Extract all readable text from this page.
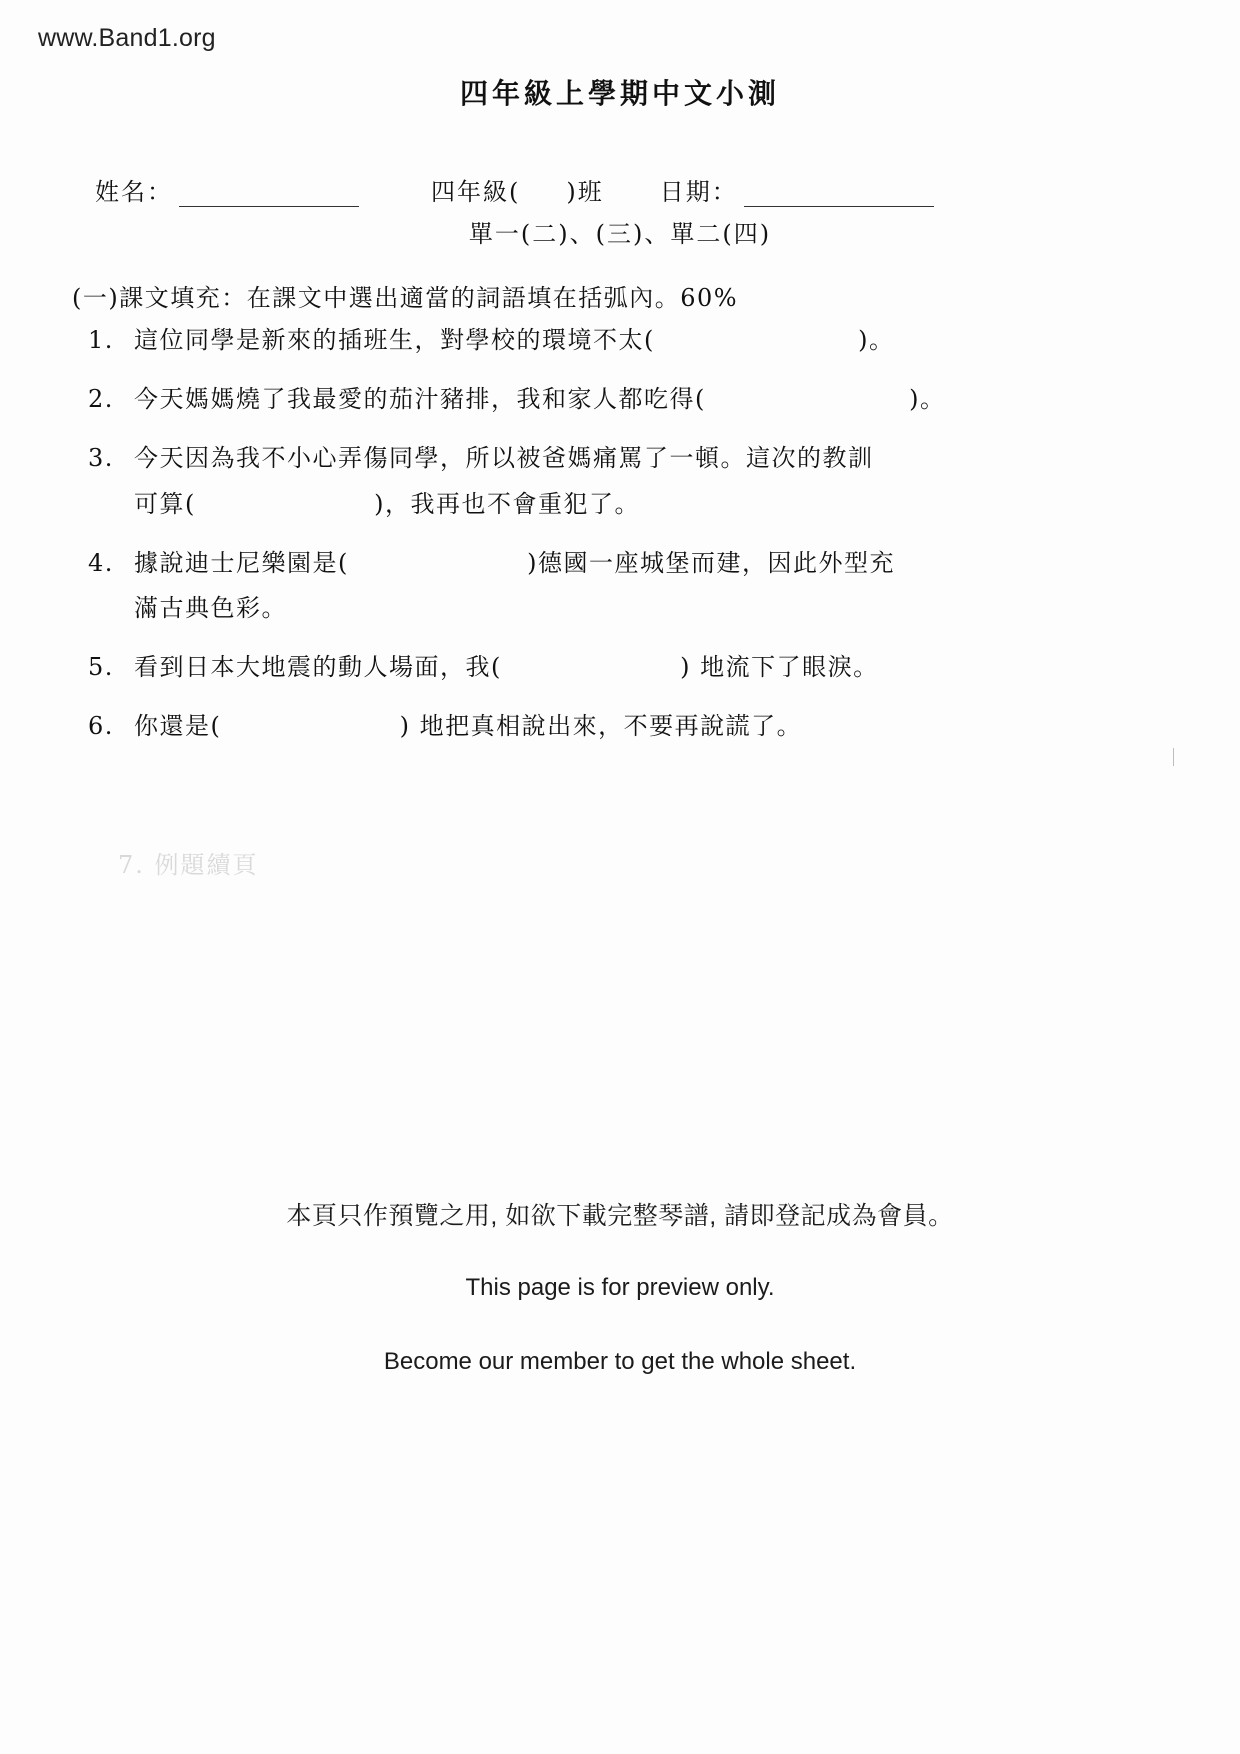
www.Band1.org
四年級上學期中文小測
姓名：	四年級( )班 日期：
單一(二)、(三)、單二(四)
(一)課文填充：在課文中選出適當的詞語填在括弧內。60%
1. 這位同學是新來的插班生，對學校的環境不太(	)。
2. 今天媽媽燒了我最愛的茄汁豬排，我和家人都吃得(	)。
3. 今天因為我不小心弄傷同學，所以被爸媽痛罵了一頓。這次的教訓
可算(	)，我再也不會重犯了。
4. 據說迪士尼樂園是(	)德國一座城堡而建，因此外型充
滿古典色彩。
5. 看到日本大地震的動人場面，我(	) 地流下了眼淚。
6. 你還是(	) 地把真相說出來，不要再說謊了。
7. 例題續頁
本頁只作預覽之用, 如欲下載完整琴譜, 請即登記成為會員。
This page is for preview only.
Become our member to get the whole sheet.
